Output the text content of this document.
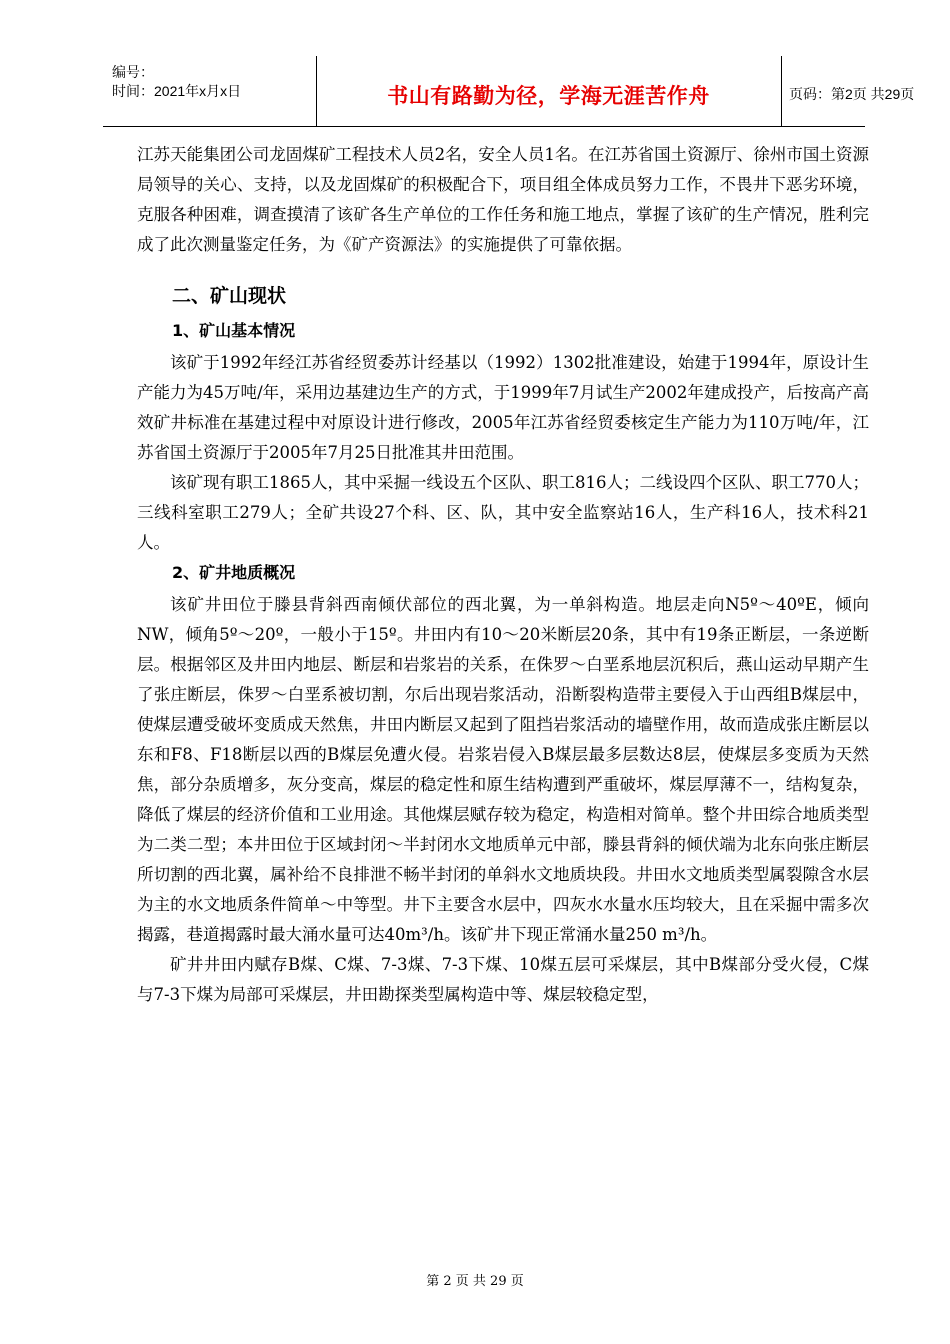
编号：
时间：2021年x月x日	书山有路勤为径，学海无涯苦作舟	页码：第2页 共29页

江苏天能集团公司龙固煤矿工程技术人员2名，安全人员1名。在江苏省国土资源厅、徐州市国土资源局领导的关心、支持，以及龙固煤矿的积极配合下，项目组全体成员努力工作，不畏井下恶劣环境，克服各种困难，调查摸清了该矿各生产单位的工作任务和施工地点，掌握了该矿的生产情况，胜利完成了此次测量鉴定任务，为《矿产资源法》的实施提供了可靠依据。

二、矿山现状
1、矿山基本情况

该矿于1992年经江苏省经贸委苏计经基以（1992）1302批准建设，始建于1994年，原设计生产能力为45万吨/年，采用边基建边生产的方式，于1999年7月试生产2002年建成投产，后按高产高效矿井标准在基建过程中对原设计进行修改，2005年江苏省经贸委核定生产能力为110万吨/年，江苏省国土资源厅于2005年7月25日批准其井田范围。

该矿现有职工1865人，其中采掘一线设五个区队、职工816人；二线设四个区队、职工770人；三线科室职工279人；全矿共设27个科、区、队，其中安全监察站16人，生产科16人，技术科21人。

2、矿井地质概况

该矿井田位于滕县背斜西南倾伏部位的西北翼，为一单斜构造。地层走向N5º～40ºE，倾向NW，倾角5º～20º，一般小于15º。井田内有10～20米断层20条，其中有19条正断层，一条逆断层。根据邻区及井田内地层、断层和岩浆岩的关系，在侏罗～白垩系地层沉积后，燕山运动早期产生了张庄断层，侏罗～白垩系被切割，尔后出现岩浆活动，沿断裂构造带主要侵入于山西组B煤层中，使煤层遭受破坏变质成天然焦，井田内断层又起到了阻挡岩浆活动的墙壁作用，故而造成张庄断层以东和F8、F18断层以西的B煤层免遭火侵。岩浆岩侵入B煤层最多层数达8层，使煤层多变质为天然焦，部分杂质增多，灰分变高，煤层的稳定性和原生结构遭到严重破坏，煤层厚薄不一，结构复杂，降低了煤层的经济价值和工业用途。其他煤层赋存较为稳定，构造相对简单。整个井田综合地质类型为二类二型；本井田位于区域封闭～半封闭水文地质单元中部，滕县背斜的倾伏端为北东向张庄断层所切割的西北翼，属补给不良排泄不畅半封闭的单斜水文地质块段。井田水文地质类型属裂隙含水层为主的水文地质条件简单～中等型。井下主要含水层中，四灰水水量水压均较大，且在采掘中需多次揭露，巷道揭露时最大涌水量可达40m³/h。该矿井下现正常涌水量250 m³/h。

矿井井田内赋存B煤、C煤、7-3煤、7-3下煤、10煤五层可采煤层，其中B煤部分受火侵，C煤与7-3下煤为局部可采煤层，井田勘探类型属构造中等、煤层较稳定型，

第 2 页 共 29 页
